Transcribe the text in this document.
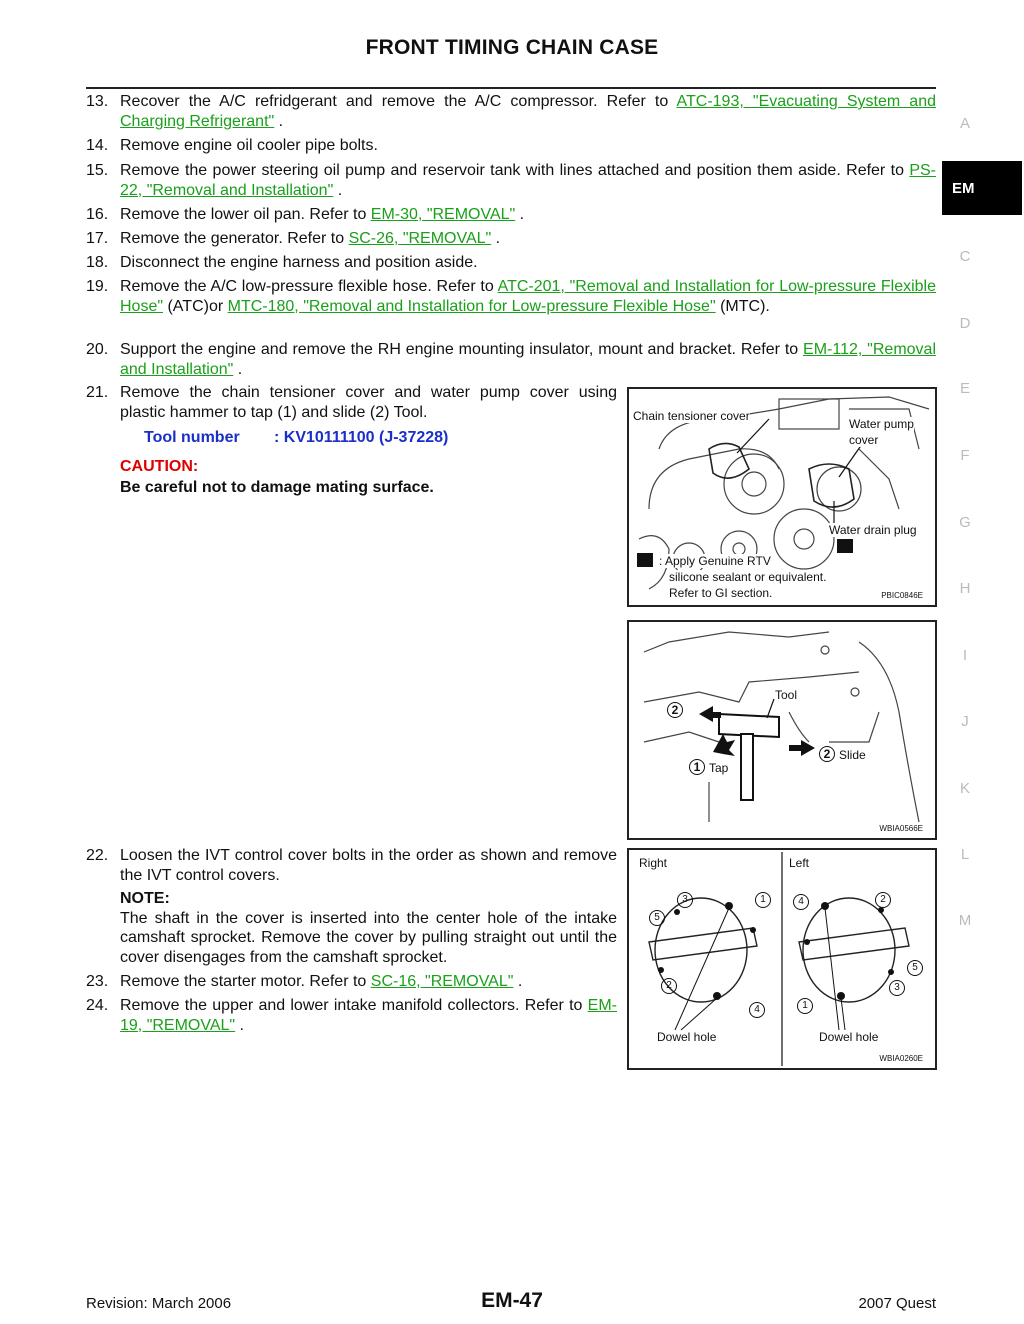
FRONT TIMING CHAIN CASE
13. Recover the A/C refridgerant and remove the A/C compressor. Refer to ATC-193, "Evacuating System and Charging Refrigerant" .
14. Remove engine oil cooler pipe bolts.
15. Remove the power steering oil pump and reservoir tank with lines attached and position them aside. Refer to PS-22, "Removal and Installation" .
16. Remove the lower oil pan. Refer to EM-30, "REMOVAL" .
17. Remove the generator. Refer to SC-26, "REMOVAL" .
18. Disconnect the engine harness and position aside.
19. Remove the A/C low-pressure flexible hose. Refer to ATC-201, "Removal and Installation for Low-pressure Flexible Hose" (ATC)or MTC-180, "Removal and Installation for Low-pressure Flexible Hose" (MTC).
20. Support the engine and remove the RH engine mounting insulator, mount and bracket. Refer to EM-112, "Removal and Installation" .
21. Remove the chain tensioner cover and water pump cover using plastic hammer to tap (1) and slide (2) Tool.
Tool number : KV10111100 (J-37228)
CAUTION:
Be careful not to damage mating surface.
22. Loosen the IVT control cover bolts in the order as shown and remove the IVT control covers.
NOTE:
The shaft in the cover is inserted into the center hole of the intake camshaft sprocket. Remove the cover by pulling straight out until the cover disengages from the camshaft sprocket.
23. Remove the starter motor. Refer to SC-16, "REMOVAL" .
24. Remove the upper and lower intake manifold collectors. Refer to EM-19, "REMOVAL" .
Chain tensioner cover
Water pump
cover
Water drain plug
: Apply Genuine RTV
silicone sealant or equivalent.
Refer to GI section.	PBIC0846E
Tool
2
2 Slide
1 Tap
WBIA0566E
Right	Left
3	1
5
2
4
4	2
5
1
3
Dowel hole	Dowel hole
WBIA0260E
A
EM
C
D
E
F
G
H
I
J
K
L
M
Revision: March 2006	EM-47	2007 Quest
